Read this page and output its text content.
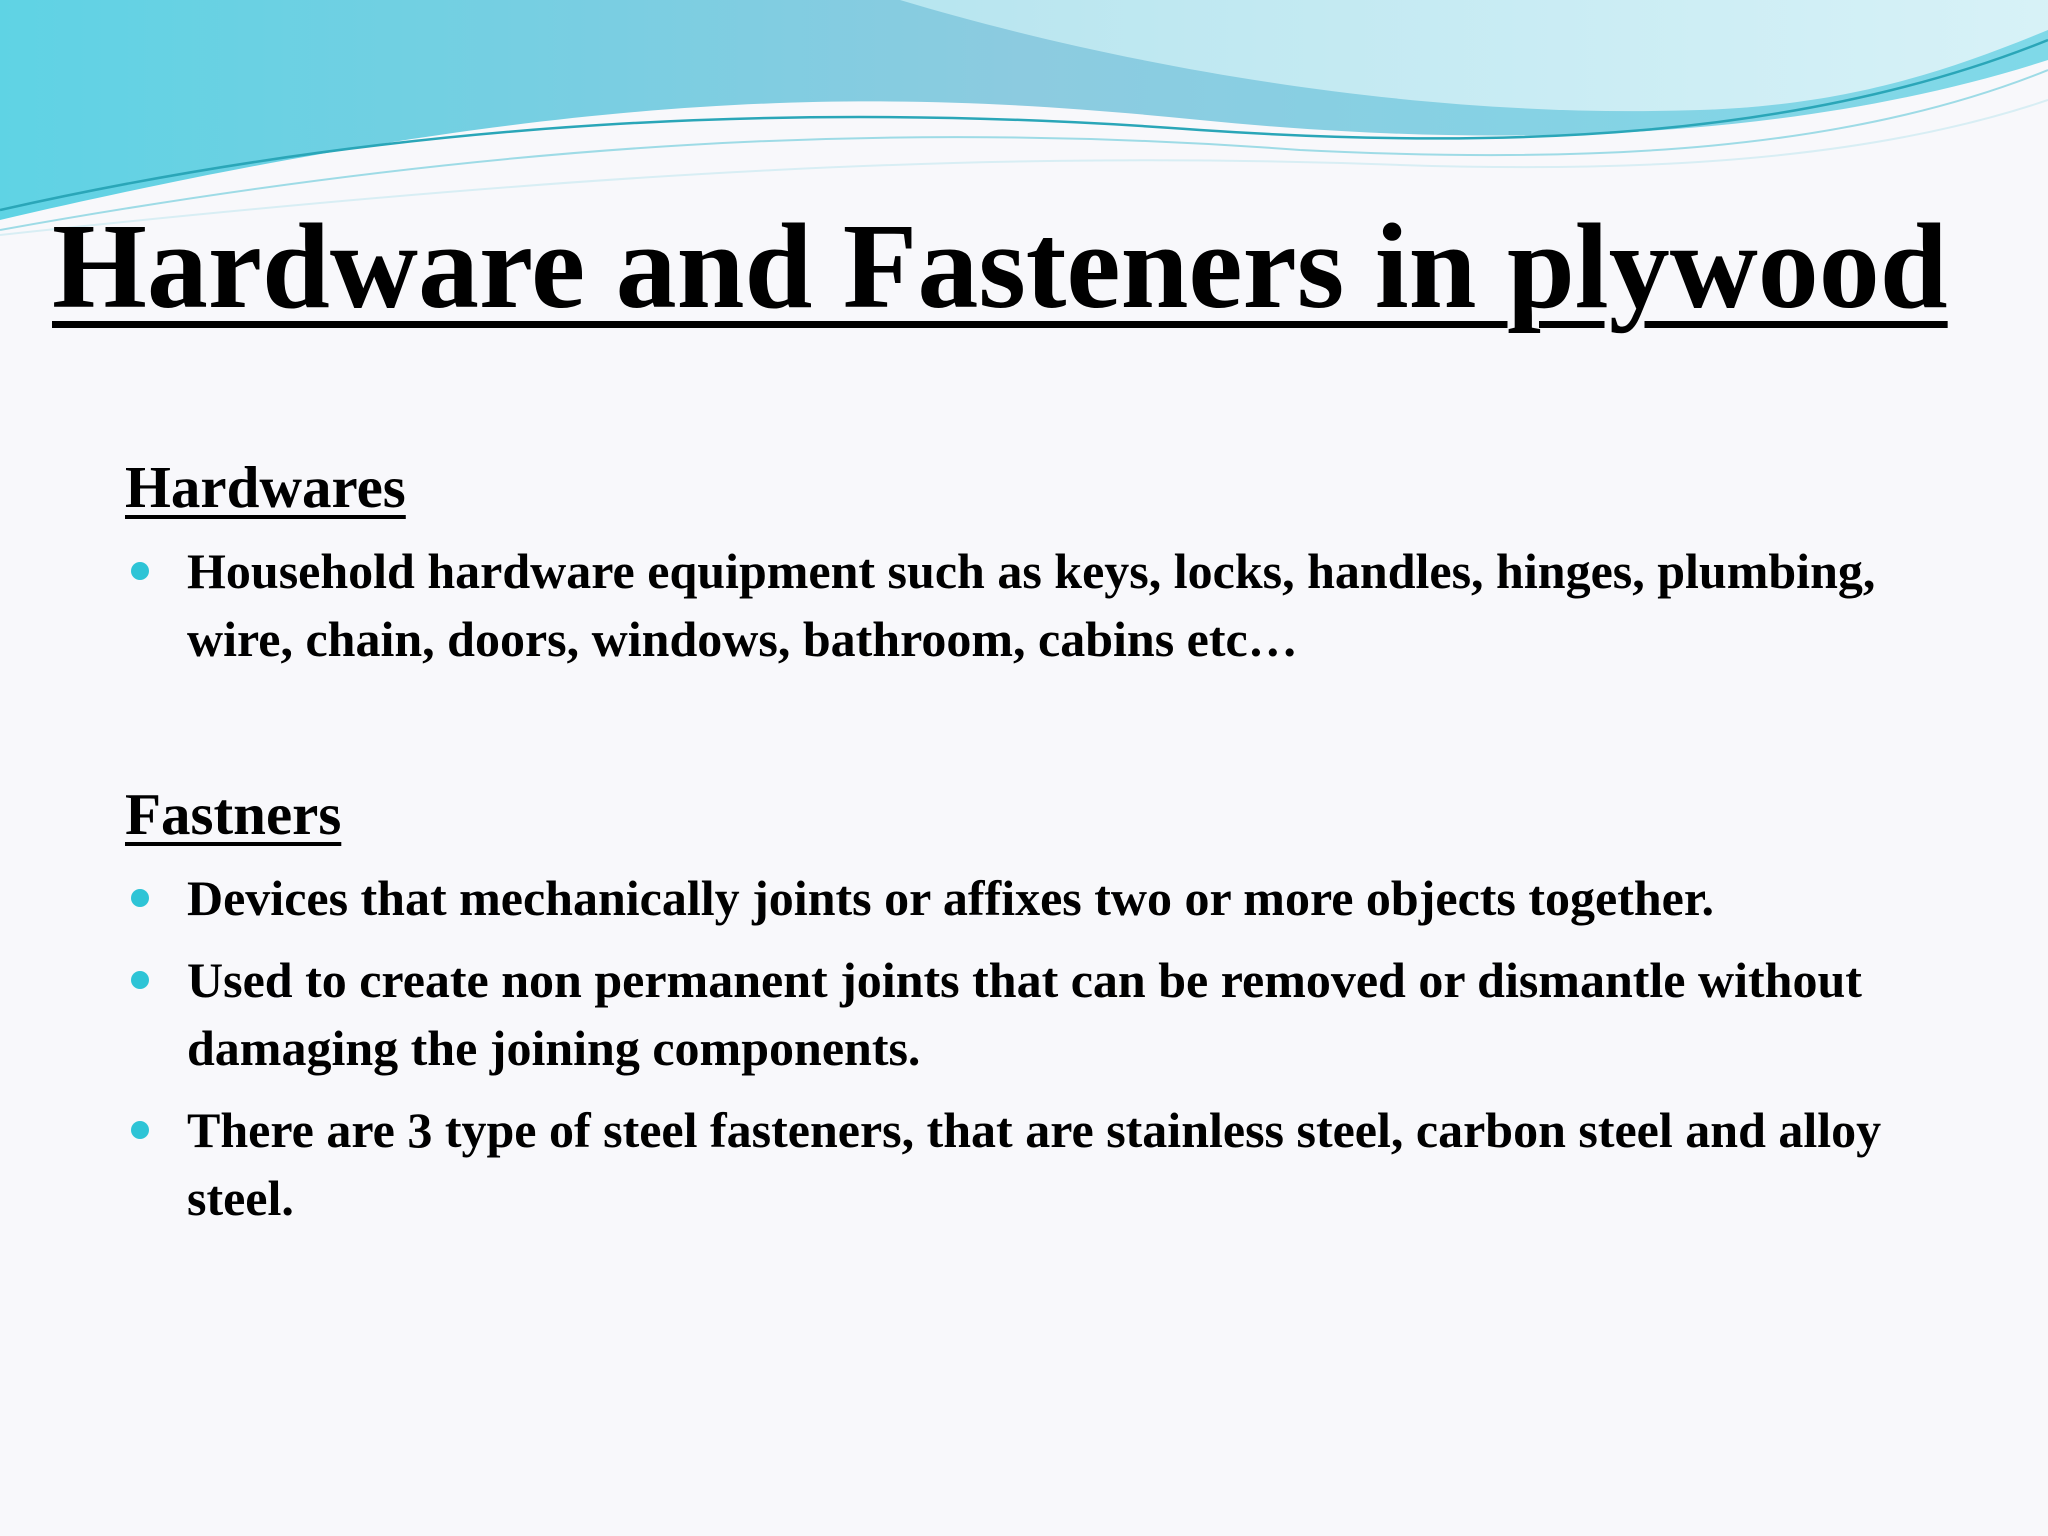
Hardware and Fasteners in plywood

Hardwares

Household hardware equipment such as keys, locks, handles, hinges, plumbing, wire, chain, doors, windows, bathroom, cabins etc…

Fastners

Devices that mechanically joints or affixes two or more objects together.
Used to create non permanent joints that can be removed or dismantle without damaging the joining components.
There are 3 type of steel fasteners, that are stainless steel, carbon steel and alloy steel.
